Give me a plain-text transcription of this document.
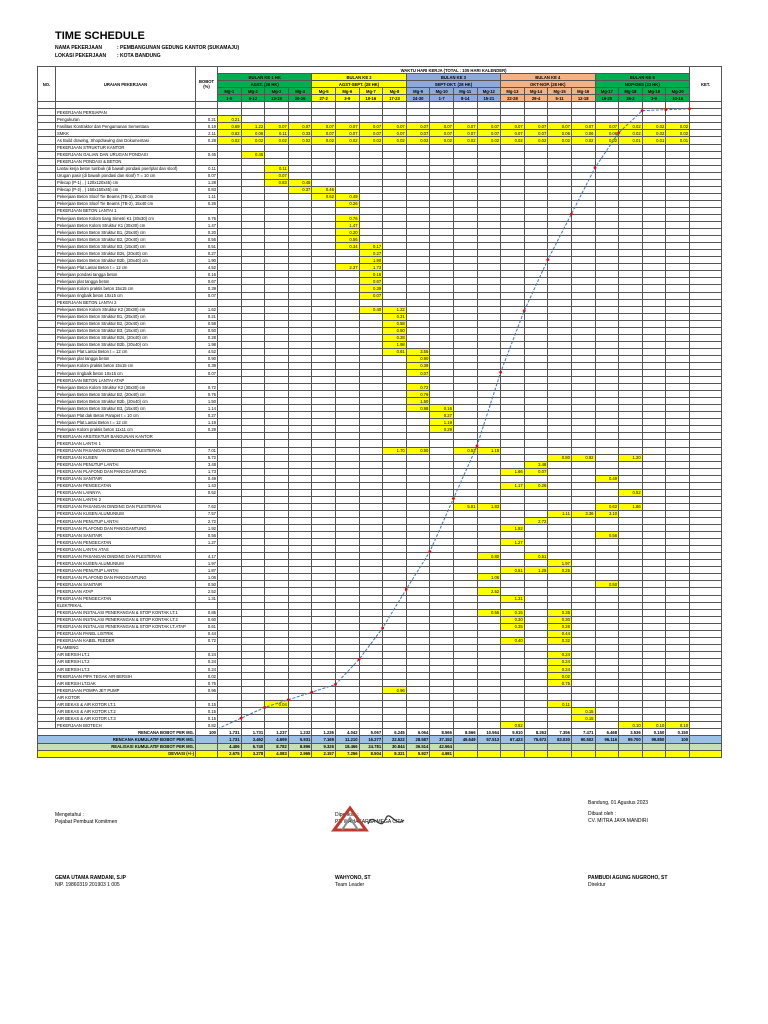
TIME SCHEDULE
NAMA PEKERJAAN	: PEMBANGUNAN GEDUNG KANTOR (SUKAMAJU)
LOKASI PEKERJAAN : KOTA BANDUNG
NO.	URAIAN PEKERJAAN	BOBOT
(%)	WAKTU HARI KERJA (TOTAL : 105 HARI KALENDER)																				KET.
			BULAN KE 1 HK				BULAN KE 2				BULAN KE 3				BULAN KE 4				BULAN KE 5				
			AGST. (28 HK)				AGST-SEPT. (28 HK)				SEPT-OKT. (28 HK)				OKT-NOP. (28 HK)				NOP-DES (23 HK)				
			Mg-1	Mg-2	Mg-3	Mg-4	Mg-5	Mg-6	Mg-7	Mg-8	Mg-9	Mg-10	Mg-11	Mg-12	Mg-13	Mg-14	Mg-15	Mg-16	Mg-17	Mg-18	Mg-19	Mg-20	
			1-5	6-12	13-19	20-26	27-2	3-9	10-16	17-23	24-30	1-7	8-14	15-21	22-28	29-4	5-11	12-18	19-25	26-2	3-9	10-16	

	PEKERJAAN PERSIAPAN																						
	Pengukuran	0.21	0.21																				
	Fasilitas Kontraktor dan Pengamanan Sementara	0.19	0.69	1.22	0.07	0.07	0.07	0.07	0.07	0.07	0.07	0.07	0.07	0.07	0.07	0.07	0.07	0.07	0.07	0.02	0.02	0.02	
	SMKK	2.11	0.62	0.06	0.11	0.33	0.07	0.07	0.07	0.07	0.07	0.07	0.07	0.07	0.07	0.07	0.06	0.06	0.06	0.02	0.02	0.02	
	As Build drawing, Shopdrawing dan Dokumentasi	0.28	0.02	0.02	0.02	0.02	0.02	0.02	0.02	0.02	0.02	0.02	0.02	0.02	0.02	0.02	0.02	0.02	0.02	0.01	0.01	0.01	
	PEKERJAAN STRUKTUR KANTOR																						
	PEKERJAAN GALIAN DAN URUGAN PONDASI	0.45		0.45																			
	PEKERJAAN PONDASI & BETON																						
	Lantai kerja beton tumbuk (di bawah pondasi poer/plat dan sloof)	0.11			0.11																		
	Urugan pasir (di bawah pondasi dan sloof) T = 10 cm	0.07			0.07																		
	Pilecap (P-1) , ( 120x120x45) cm	1.28			0.83	0.45																	
	Pilecap (P-2) , ( 150x150x45) cm	0.83				0.37	0.46																
	Pekerjaan Beton Sloof Tie Beams (TB-1), 20x40 cm	1.11					0.62	0.49															
	Pekerjaan Beton Sloof Tie Beams (TB-2), 15x40 cm	0.26						0.26															
	PEKERJAAN BETON LANTAI 1																						
	Pekerjaan Beton Kolom tiang Simetri K1 (30x30) cm	0.76						0.76															
	Pekerjaan Beton Kolom Struktur K1 (30x30) cm	1.47						1.47															
	Pekerjaan Beton Beton Struktur B1, (25x40) cm	0.20						0.20															
	Pekerjaan Beton Beton Struktur B2, (20x40) cm	0.56						0.56															
	Pekerjaan Beton Beton Struktur B3, (15x40) cm	0.51						0.34	0.17														
	Pekerjaan Beton Beton Struktur B2s, (20x40) cm	0.27							0.27														
	Pekerjaan Beton Beton Struktur B2b, (20x40) cm	1.90							1.90														
	Pekerjaan Plat Lantai Beton t = 12 cm	4.52						2.37	1.73														
	Pekerjaan pondasi tangga beton	0.16							0.16														
	Pekerjaan plat tangga beton	0.67							0.67														
	Pekerjaan Kolom praktis beton 15x15 cm	0.39							0.39														
	Pekerjaan ringbalk beton 10x15 cm	0.07							0.07														
	PEKERJAAN BETON LANTAI 2																						
	Pekerjaan Beton Kolom Struktur K2 (30x30) cm	1.62							0.40	1.22													
	Pekerjaan Beton Beton Struktur B1, (25x40) cm	0.21								0.21													
	Pekerjaan Beton Beton Struktur B2, (20x40) cm	0.58								0.58													
	Pekerjaan Beton Beton Struktur B3, (15x40) cm	0.50								0.50													
	Pekerjaan Beton Beton Struktur B2s, (20x40) cm	0.28								0.28													
	Pekerjaan Beton Beton Struktur B2b, (20x40) cm	1.98								1.98													
	Pekerjaan Plat Lantai Beton t = 12 cm	4.52								0.61	3.55												
	Pekerjaan plat tangga beton	0.90									0.90												
	Pekerjaan Kolom praktis beton 15x15 cm	0.39									0.39												
	Pekerjaan ringbalk beton 10x15 cm	0.07									0.07												
	PEKERJAAN BETON LANTAI ATAP																						
	Pekerjaan Beton Kolom Struktur K2 (30x30) cm	0.72									0.72												
	Pekerjaan Beton Beton Struktur B2, (20x40) cm	0.76									0.76												
	Pekerjaan Beton Beton Struktur B2b, (20x40) cm	1.50									1.50												
	Pekerjaan Beton Beton Struktur B3, (15x40) cm	1.14									0.98	0.16											
	Pekerjaan Plat dak Beton Parapet t = 10 cm	0.27										0.27											
	Pekerjaan Plat Lantai Beton t = 12 cm	1.19										1.19											
	Pekerjaan Kolom praktis beton 11x11 cm	0.29										0.29											
	PEKERJAAN ARSITEKTUR BANGUNAN KANTOR																						
	PEKERJAAN LANTAI 1																						
	PEKERJAAN PASANGAN DINDING DAN PLESTERAN	7.01								1.70	0.50		0.52	1.19									
	PEKERJAAN KUSEN	5.72															0.80	0.92		1.20			
	PEKERJAAN PENUTUP LANTAI	3.48														3.48							
	PEKERJAAN PLAFOND DAN PANGGANTUNG	1.73													1.66	0.07							
	PEKERJAAN SANITAIR	0.49																	0.49				
	PEKERJAAN PENGECATAN	1.43													1.17	0.26							
	PEKERJAAN LAINNYA	0.52																		0.52			
	PEKERJAAN LANTAI 2																						
	PEKERJAAN PASANGAN DINDING DAN PLESTERAN	7.62											5.81	1.83					0.62	1.86			
	PEKERJAAN KUSEN ALUMUNIUM	7.57															1.11	3.36	3.10				
	PEKERJAAN PENUTUP LANTAI	2.72														2.72							
	PEKERJAAN PLAFOND DAN PANGGANTUNG	1.92													1.92								
	PEKERJAAN SANITAIR	0.56																	0.56				
	PEKERJAAN PENGECATAN	1.27													1.27								
	PEKERJAAN LANTAI ATAS																						
	PEKERJAAN PASANGAN DINDING DAN PLESTERAN	4.17												0.80		0.51							
	PEKERJAAN KUSEN ALUMUNIUM	1.97															1.97						
	PEKERJAAN PENUTUP LANTAI	1.87													0.51	1.25	0.25						
	PEKERJAAN PLAFOND DAN PANGGANTUNG	1.06												1.06									
	PEKERJAAN SANITAIR	0.50																	0.50				
	PEKERJAAN ATAP	2.52												2.52									
	PEKERJAAN PENGECATAN	1.31													1.31								
	ELEKTRIKAL																						
	PEKERJAAN INSTALASI PENERANGAN & STOP KONTAK LT.1	0.85												0.55	0.15		0.35						
	PEKERJAAN INSTALASI PENERANGAN & STOP KONTAK LT.2	0.60													0.30		0.30						
	PEKERJAAN INSTALASI PENERANGAN & STOP KONTAK LT.ATAP	0.61													0.35		0.26						
	PEKERJAAN PANEL LISTRIK	0.44															0.44						
	PEKERJAAN KABEL FEEDER	0.72													0.40		0.32						
	PLAMBING																						
	AIR BERSIH LT.1	0.24															0.24						
	AIR BERSIH LT.2	0.24															0.24						
	AIR BERSIH LT.3	0.24															0.24						
	PEKERJAAN PIPA TEGAK AIR BERSIH	0.02															0.02						
	AIR BERSIH LT.DAK	0.75															0.75						
	PEKERJAAN POMPA JET PUMP	0.96								0.96													
	AIR KOTOR																						
	AIR BEKAS & AIR KOTOR LT.1	0.15			0.04												0.11						
	AIR BEKAS & AIR KOTOR LT.2	0.15																0.15					
	AIR BEKAS & AIR KOTOR LT.3	0.15																0.15					
	PEKERJAAN BIOTECH	0.82													0.52					0.10	0.10	0.10	
RENCANA BOBOT PER MG.		100	1.731	1.731	1.237	1.232	1.236	4.042	5.067	6.245	6.064	8.566	8.566	10.564	9.910	8.263	7.356	7.471	6.468	3.536	0.150	0.150	
RENCANA KUMULATIF BOBOT PER MG.			1.731	3.462	4.699	5.931	7.169	11.210	16.277	22.522	28.587	37.152	45.649	57.513	67.423	75.672	83.030	90.502	96.116	99.700	99.850	100	
REALISASI KUMULATIF BOBOT PER MG.			4.406	6.740	8.782	8.896	9.326	18.466	24.781	30.844	36.514	42.564											
DEVIASI (+/-)			2.675	3.278	4.083	2.965	2.157	7.256	8.504	8.321	5.927	4.981											
Mengetahui :
Pejabat Pembuat Komitmen
GEMA UTAMA RAMDANI, S.IP
NIP. 19860319 201903 1 005
Diperiksa :
PT. WAHAKARSA MEGA CITA
WAHYONO, ST
Team Leader
Bandung, 01 Agustus 2023
Dibuat oleh :
CV. MITRA JAYA MANDIRI
PAMBUDI AGUNG NUGROHO, ST
Direktur
